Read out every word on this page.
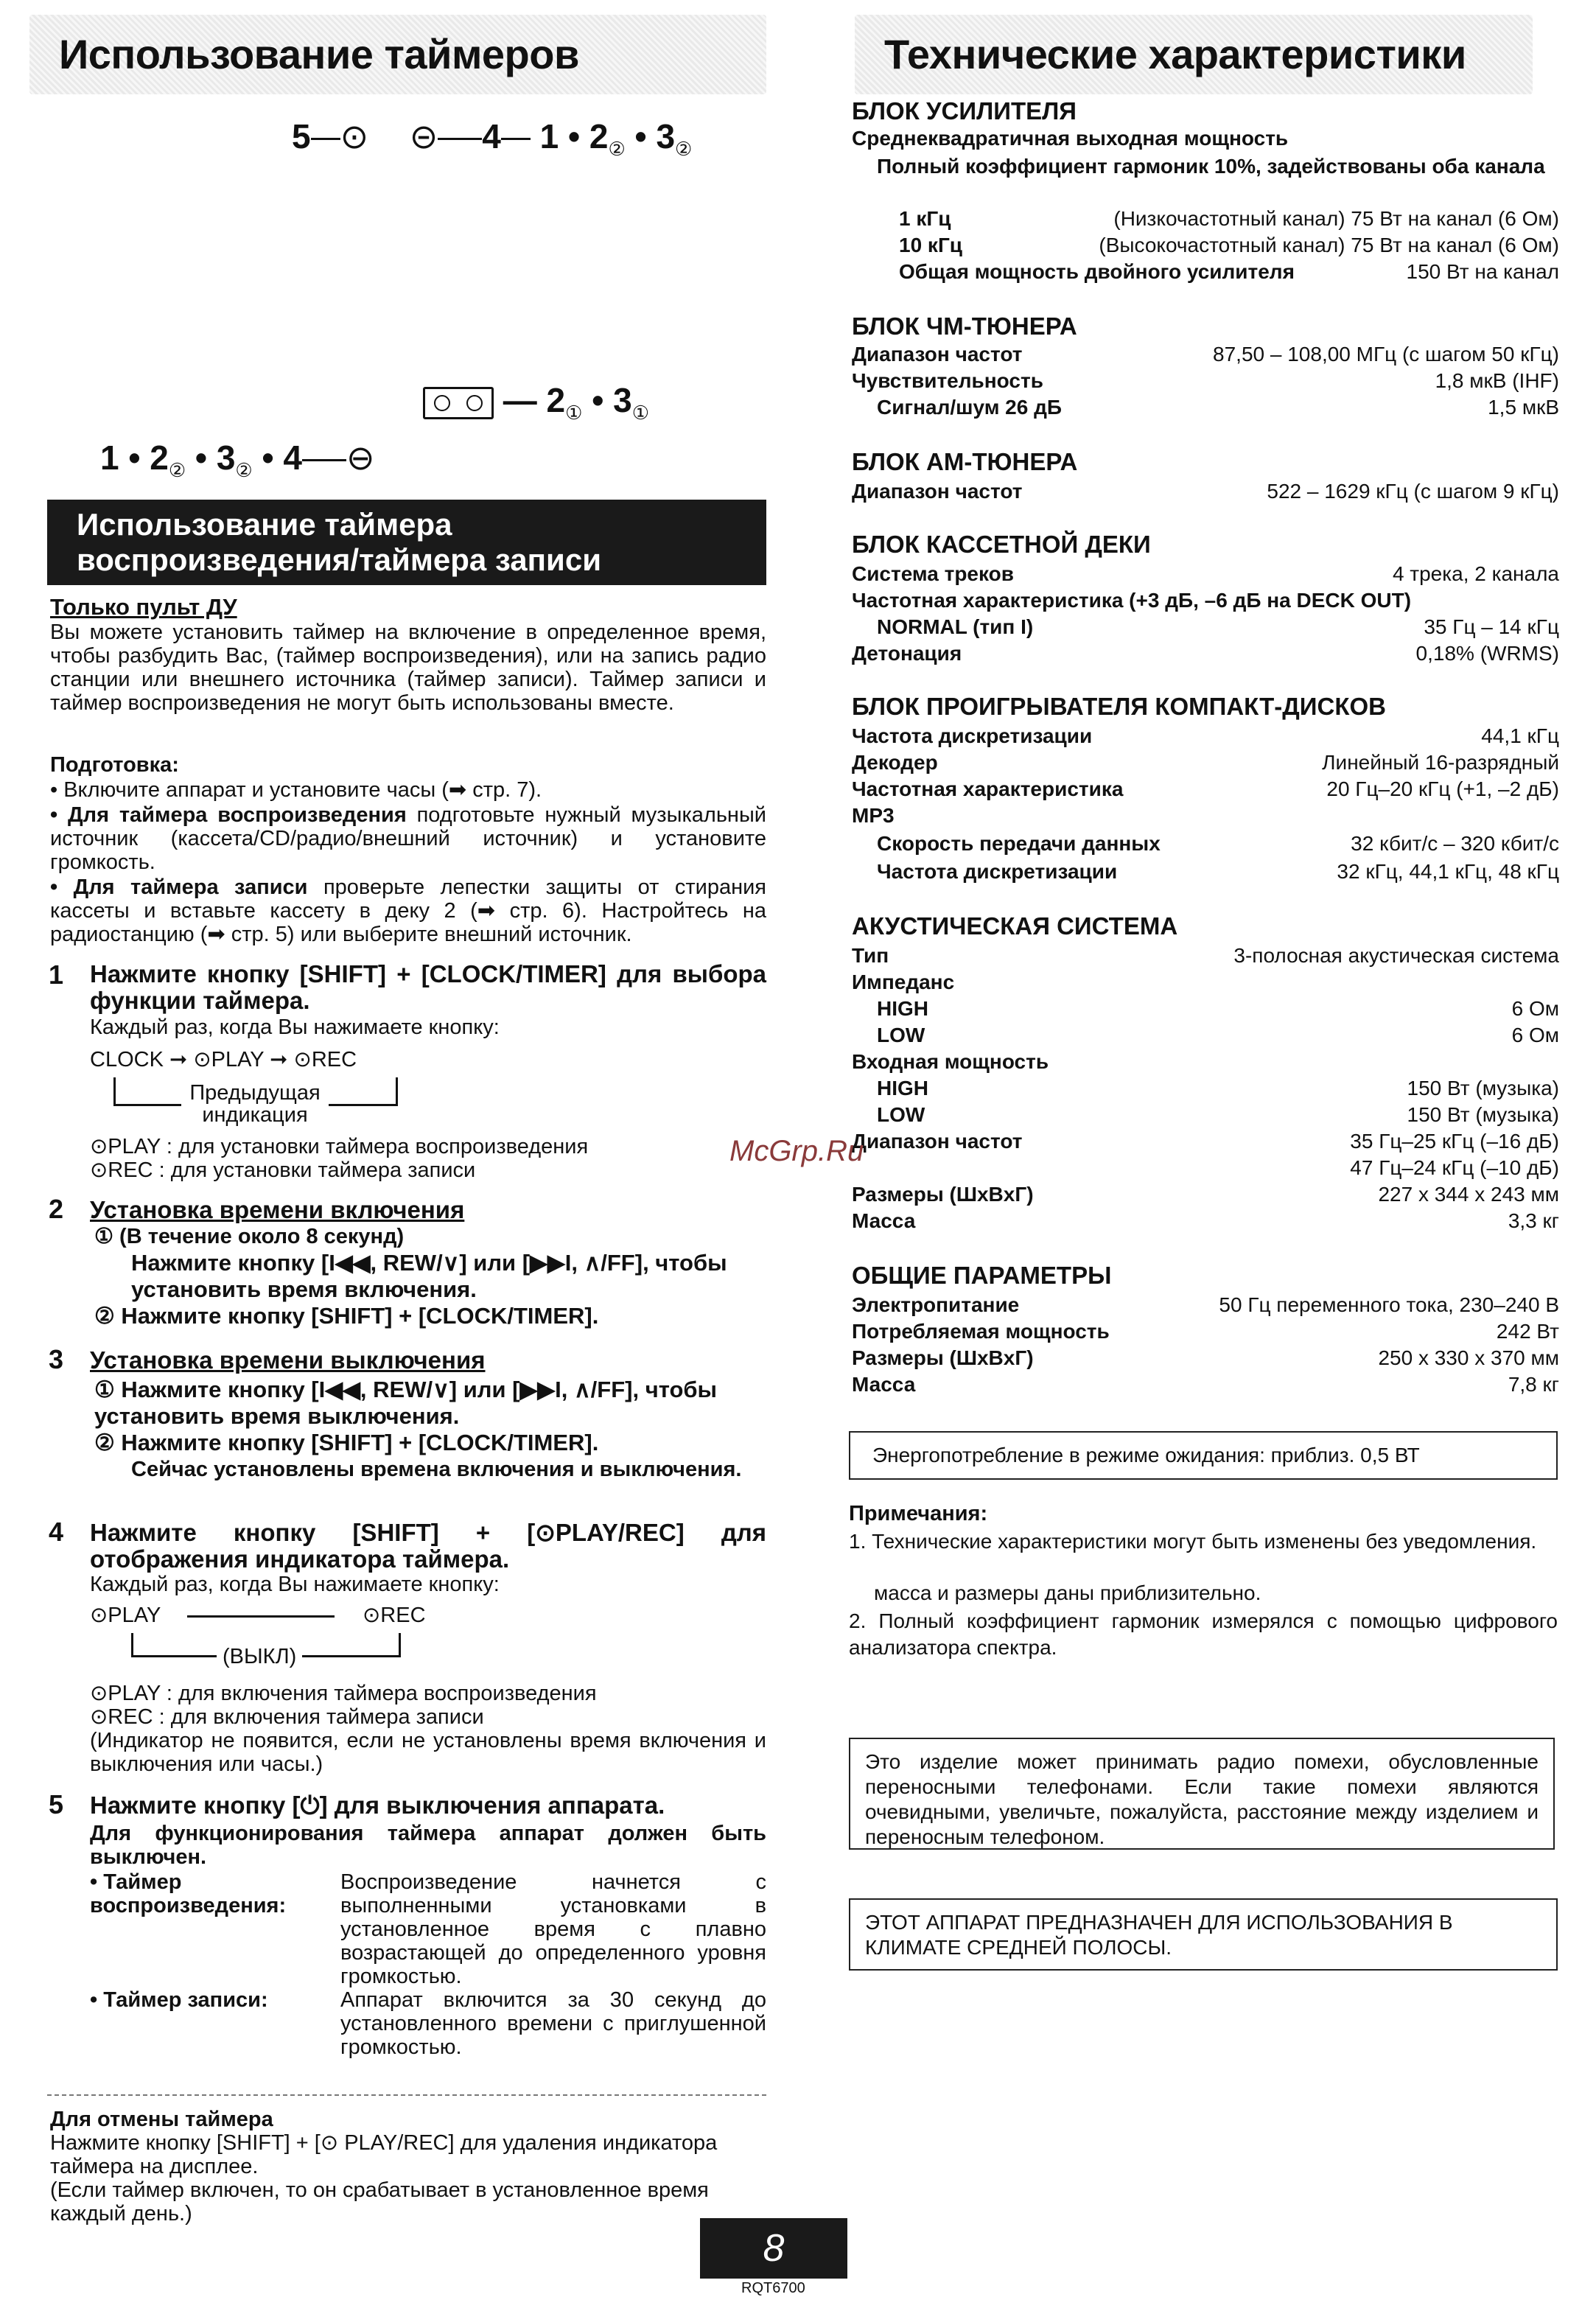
Использование таймеров	Технические характеристики
5 ⊙ ⊝ 4 1 • $2_②$ • $3_②$
— $2_①$ • $3_①$
1 • $2_②$ • $3_②$ • 4 ⊖
Использование таймера
воспроизведения/таймера записи
Только пульт ДУ

Вы можете установить таймер на включение в определенное время, чтобы разбудить Вас, (таймер воспроизведения), или на запись радио станции или внешнего источника (таймер записи). Таймер записи и таймер воспроизведения не могут быть использованы вместе.

Подготовка:

• Включите аппарат и установите часы (➡ стр. 7).

• Для таймера воспроизведения подготовьте нужный музыкальный источник (кассета/CD/радио/внешний источник) и установите громкость.

• Для таймера записи проверьте лепестки защиты от стирания кассеты и вставьте кассету в деку 2 (➡ стр. 6). Настройтесь на радиостанцию (➡ стр. 5) или выберите внешний источник.

1 Нажмите кнопку [SHIFT] + [CLOCK/TIMER] для выбора функции таймера.

Каждый раз, когда Вы нажимаете кнопку:

CLOCK ➞ ⊙PLAY ➞ ⊙REC

Предыдущая индикация

⊙PLAY : для установки таймера воспроизведения

⊙REC : для установки таймера записи

2 Установка времени включения

① (В течение около 8 секунд)

Нажмите кнопку [I◀◀, REW/∨] или [▶▶I, ∧/FF], чтобы установить время включения.
② Нажмите кнопку [SHIFT] + [CLOCK/TIMER].
3 Установка времени выключения
① Нажмите кнопку [I◀◀, REW/∨] или [▶▶I, ∧/FF], чтобы установить время выключения.
② Нажмите кнопку [SHIFT] + [CLOCK/TIMER].

Сейчас установлены времена включения и выключения.

4 Нажмите кнопку [SHIFT] + [⊙PLAY/REC] для отображения индикатора таймера.

Каждый раз, когда Вы нажимаете кнопку:

⊙PLAY	⊙REC

(ВЫКЛ)

⊙PLAY : для включения таймера воспроизведения

⊙REC : для включения таймера записи

(Индикатор не появится, если не установлены время включения и выключения или часы.)

5 Нажмите кнопку [⏻] для выключения аппарата.

Для функционирования таймера аппарат должен быть выключен.

• Таймер воспроизведения:

Воспроизведение начнется с выполненными установками в установленное время с плавно возрастающей до определенного уровня громкостью.

• Таймер записи:	Аппарат включится за 30 секунд до установленного времени с приглушенной громкостью.

Для отмены таймера

Нажмите кнопку [SHIFT] + [⊙ PLAY/REC] для удаления индикатора таймера на дисплее.

(Если таймер включен, то он срабатывает в установленное время каждый день.)

БЛОК УСИЛИТЕЛЯ
Среднеквадратичная выходная мощность
Полный коэффициент гармоник 10%, задействованы оба канала
1 кГц	(Низкочастотный канал) 75 Вт на канал (6 Ом)
10 кГц	(Высокочастотный канал) 75 Вт на канал (6 Ом)
Общая мощность двойного усилителя	150 Вт на канал
БЛОК ЧМ-ТЮНЕРА
Диапазон частот	87,50 – 108,00 МГц (с шагом 50 кГц)
Чувствительность	1,8 мкВ (IHF)
Сигнал/шум 26 дБ	1,5 мкВ
БЛОК АМ-ТЮНЕРА
Диапазон частот	522 – 1629 кГц (с шагом 9 кГц)
БЛОК КАССЕТНОЙ ДЕКИ
Система треков	4 трека, 2 канала
Частотная характеристика (+3 дБ, –6 дБ на DECK OUT)
NORMAL (тип I)	35 Гц – 14 кГц
Детонация	0,18% (WRMS)
БЛОК ПРОИГРЫВАТЕЛЯ КОМПАКТ-ДИСКОВ
Частота дискретизации	44,1 кГц
Декодер	Линейный 16-разрядный
Частотная характеристика	20 Гц–20 кГц (+1, –2 дБ)
MP3
Скорость передачи данных	32 кбит/с – 320 кбит/с
Частота дискретизации	32 кГц, 44,1 кГц, 48 кГц
АКУСТИЧЕСКАЯ СИСТЕМА
Тип	3-полосная акустическая система
Импеданс
HIGH	6 Ом
LOW	6 Ом
Входная мощность
HIGH	150 Вт (музыка)
LOW	150 Вт (музыка)
Диапазон частот	35 Гц–25 кГц (–16 дБ)
47 Гц–24 кГц (–10 дБ)
Размеры (ШxВxГ)	227 x 344 x 243 мм
Масса	3,3 кг
ОБЩИЕ ПАРАМЕТРЫ
Электропитание	50 Гц переменного тока, 230–240 В
Потребляемая мощность	242 Вт
Размеры (ШxВxГ)	250 x 330 x 370 мм
Масса	7,8 кг
Энергопотребление в режиме ожидания: приблиз. 0,5 ВТ
Примечания:

1. Технические характеристики могут быть изменены без уведомления.

масса и размеры даны приблизительно.

2. Полный коэффициент гармоник измерялся с помощью цифрового анализатора спектра.

Это изделие может принимать радио помехи, обусловленные переносными телефонами. Если такие помехи являются очевидными, увеличьте, пожалуйста, расстояние между изделием и переносным телефоном.
ЭТОТ АППАРАТ ПРЕДНАЗНАЧЕН ДЛЯ ИСПОЛЬЗОВАНИЯ В КЛИМАТЕ СРЕДНЕЙ ПОЛОСЫ.
McGrp.Ru
8
RQT6700
